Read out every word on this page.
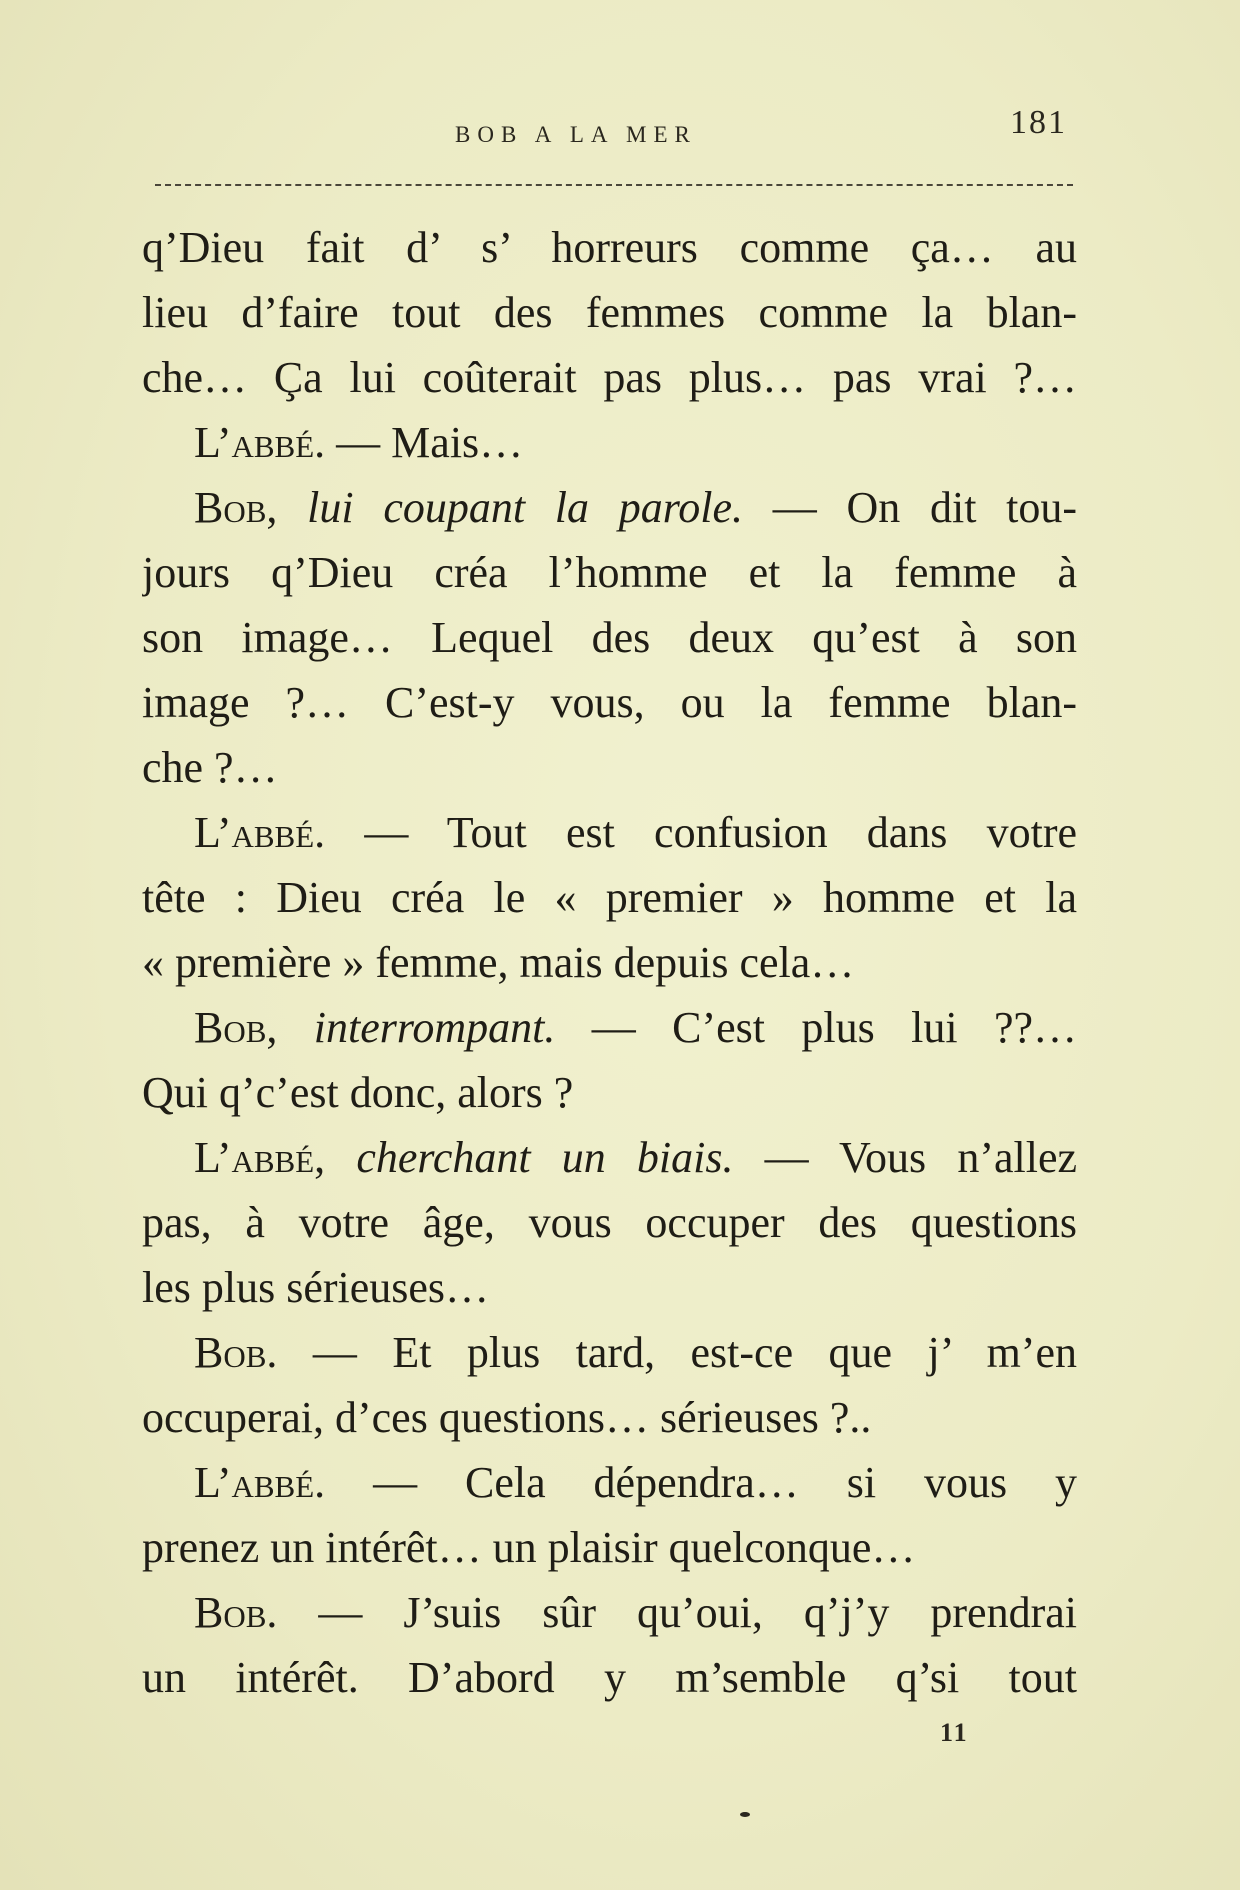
BOB A LA MER	181
q’Dieu fait d’ s’ horreurs comme ça… au
lieu d’faire tout des femmes comme la blan-
che… Ça lui coûterait pas plus… pas vrai ?…
L’abbé. — Mais…
Bob, lui coupant la parole. — On dit tou-
jours q’Dieu créa l’homme et la femme à
son image… Lequel des deux qu’est à son
image ?… C’est-y vous, ou la femme blan-
che ?…
L’abbé. — Tout est confusion dans votre
tête : Dieu créa le « premier » homme et la
« première » femme, mais depuis cela…
Bob, interrompant. — C’est plus lui ??…
Qui q’c’est donc, alors ?
L’abbé, cherchant un biais. — Vous n’allez
pas, à votre âge, vous occuper des questions
les plus sérieuses…
Bob. — Et plus tard, est-ce que j’ m’en
occuperai, d’ces questions… sérieuses ?..
L’abbé. — Cela dépendra… si vous y
prenez un intérêt… un plaisir quelconque…
Bob. — J’suis sûr qu’oui, q’j’y prendrai
un intérêt. D’abord y m’semble q’si tout
11
